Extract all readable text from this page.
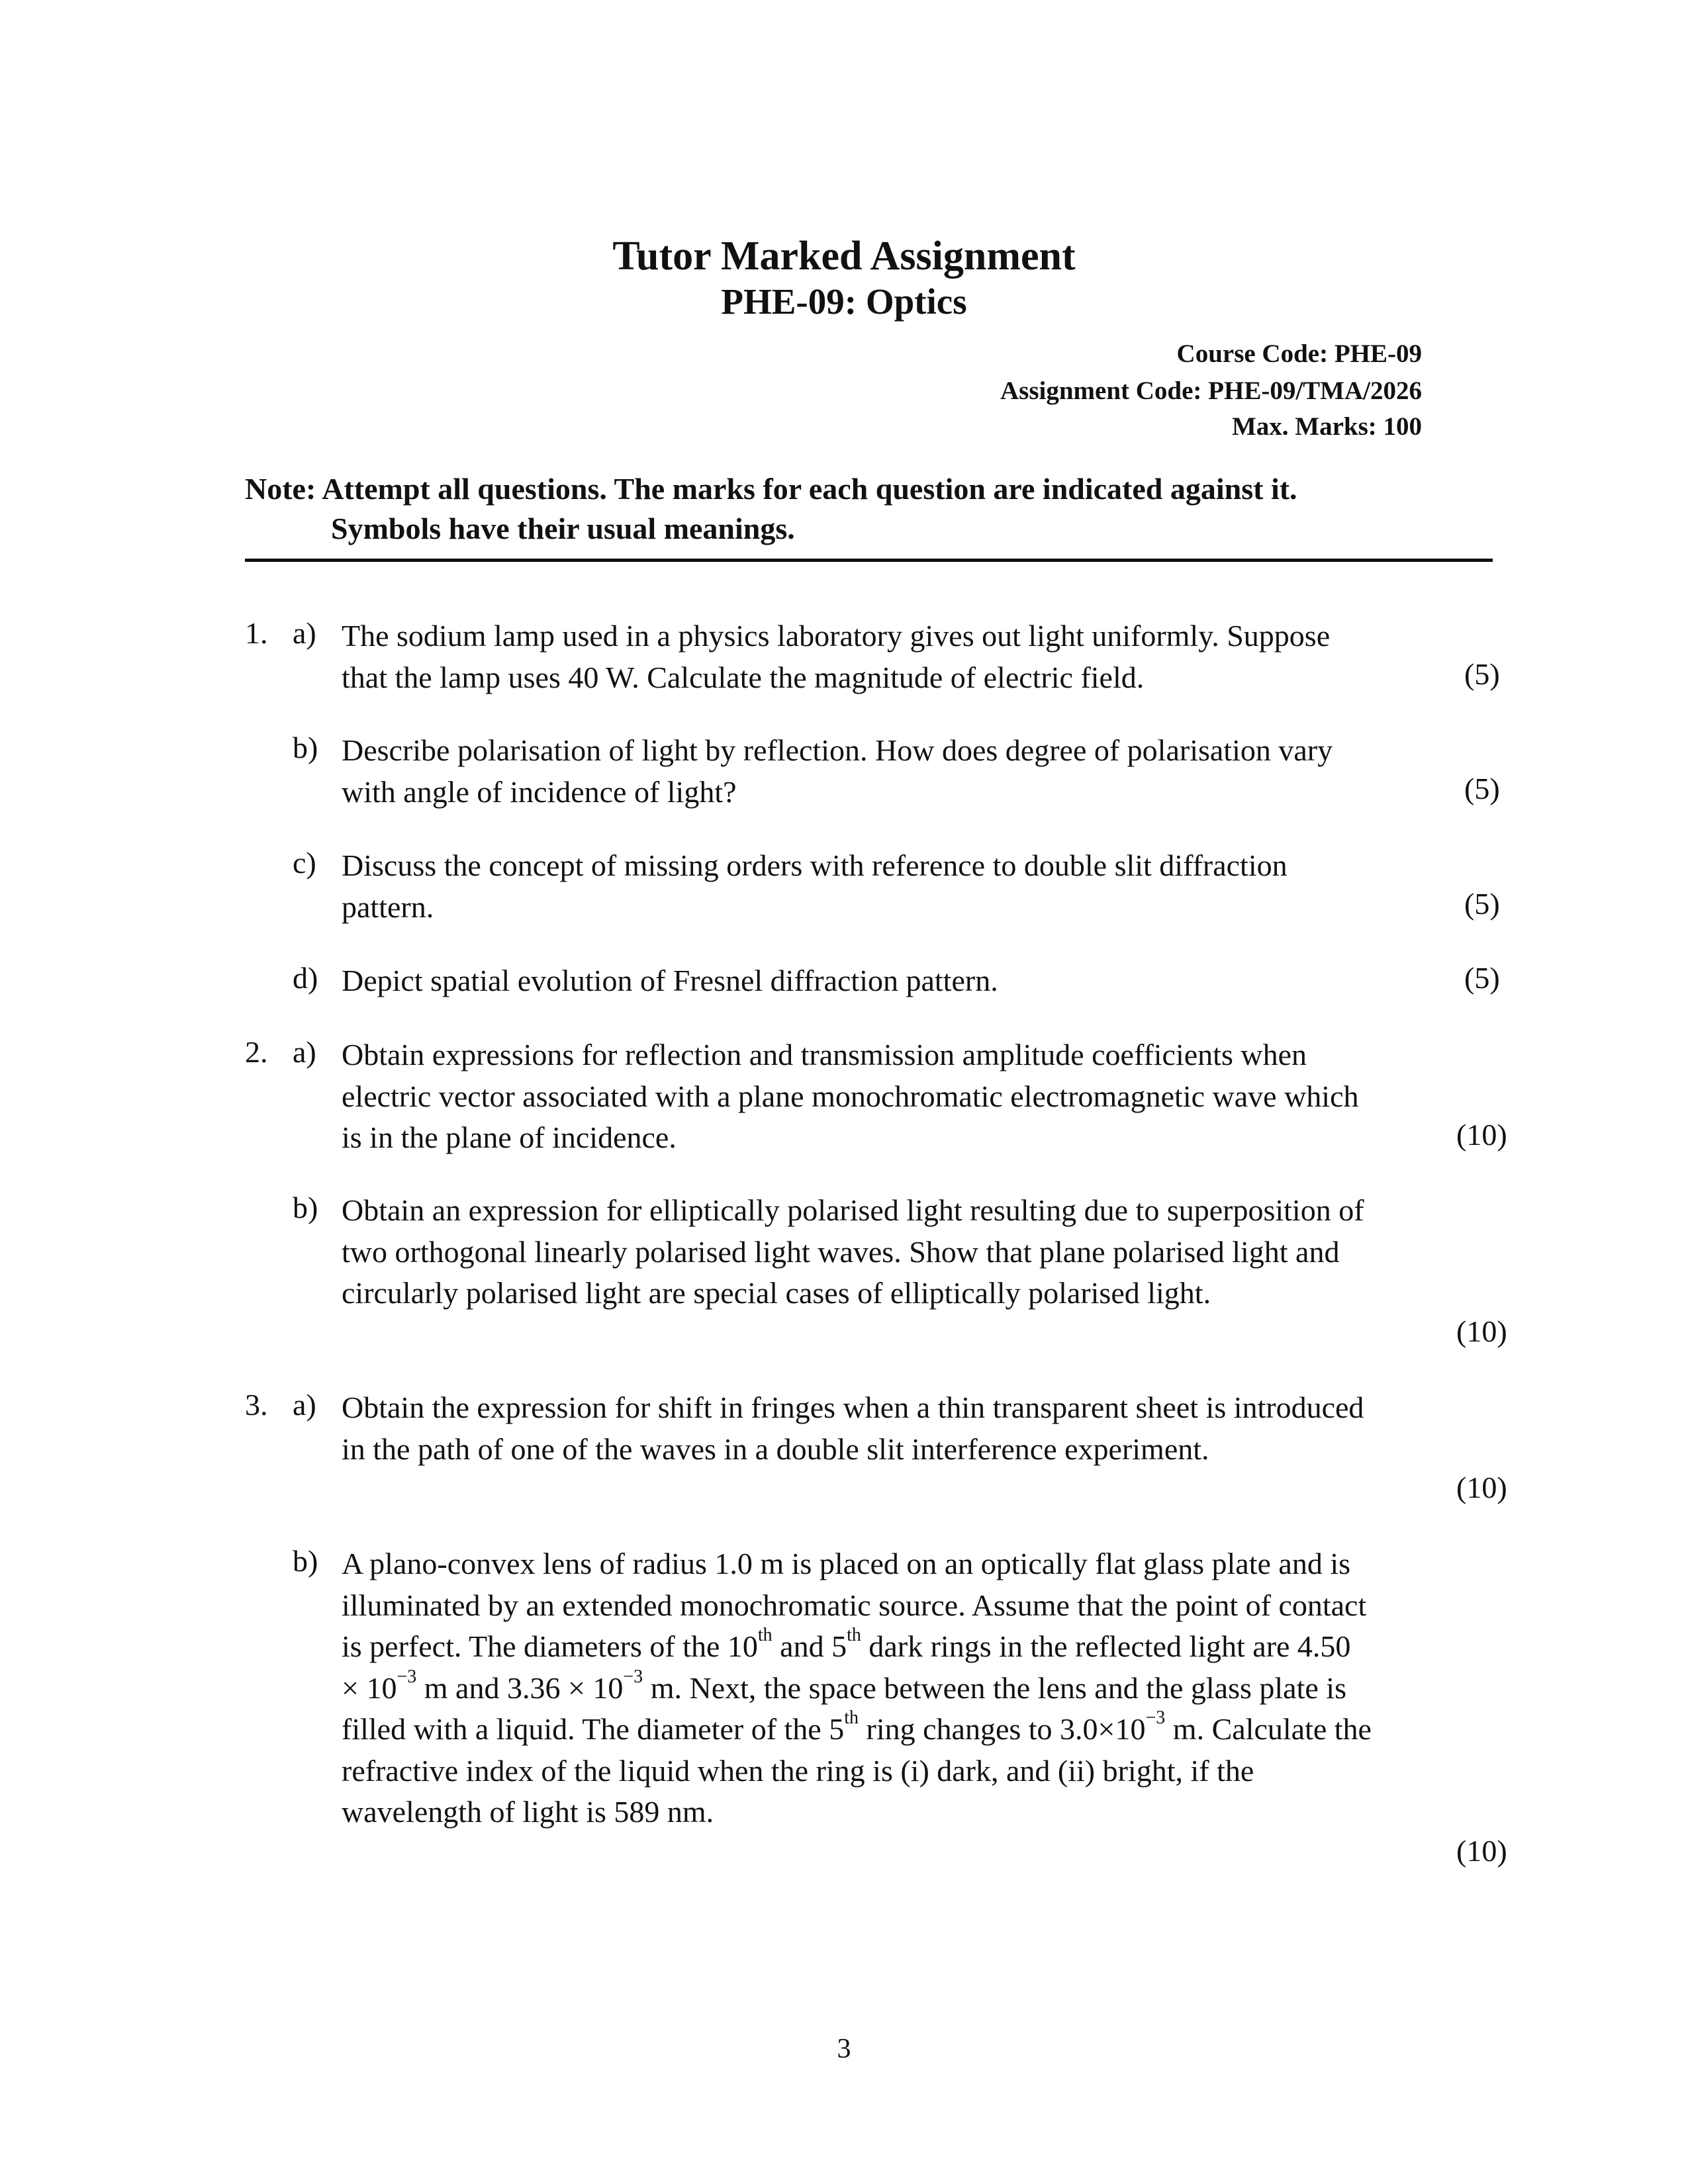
Tutor Marked Assignment
PHE-09: Optics
Course Code: PHE-09
Assignment Code: PHE-09/TMA/2026
Max. Marks: 100
Note: Attempt all questions. The marks for each question are indicated against it.
Symbols have their usual meanings.
1. a) The sodium lamp used in a physics laboratory gives out light uniformly. Suppose that the lamp uses 40 W. Calculate the magnitude of electric field.	(5)
b) Describe polarisation of light by reflection. How does degree of polarisation vary with angle of incidence of light?	(5)
c) Discuss the concept of missing orders with reference to double slit diffraction pattern.	(5)
d) Depict spatial evolution of Fresnel diffraction pattern.	(5)
2. a) Obtain expressions for reflection and transmission amplitude coefficients when electric vector associated with a plane monochromatic electromagnetic wave which is in the plane of incidence.	(10)
b) Obtain an expression for elliptically polarised light resulting due to superposition of two orthogonal linearly polarised light waves. Show that plane polarised light and circularly polarised light are special cases of elliptically polarised light.
(10)
3. a) Obtain the expression for shift in fringes when a thin transparent sheet is introduced in the path of one of the waves in a double slit interference experiment.
(10)
b) A plano-convex lens of radius 1.0 m is placed on an optically flat glass plate and is illuminated by an extended monochromatic source. Assume that the point of contact is perfect. The diameters of the 10th and 5th dark rings in the reflected light are $4.50 \times 10^{-3}$ m and $3.36 \times 10^{-3}$ m. Next, the space between the lens and the glass plate is filled with a liquid. The diameter of the 5th ring changes to $3.0\times 10^{-3}$ m. Calculate the refractive index of the liquid when the ring is (i) dark, and (ii) bright, if the wavelength of light is 589 nm.
(10)
3
